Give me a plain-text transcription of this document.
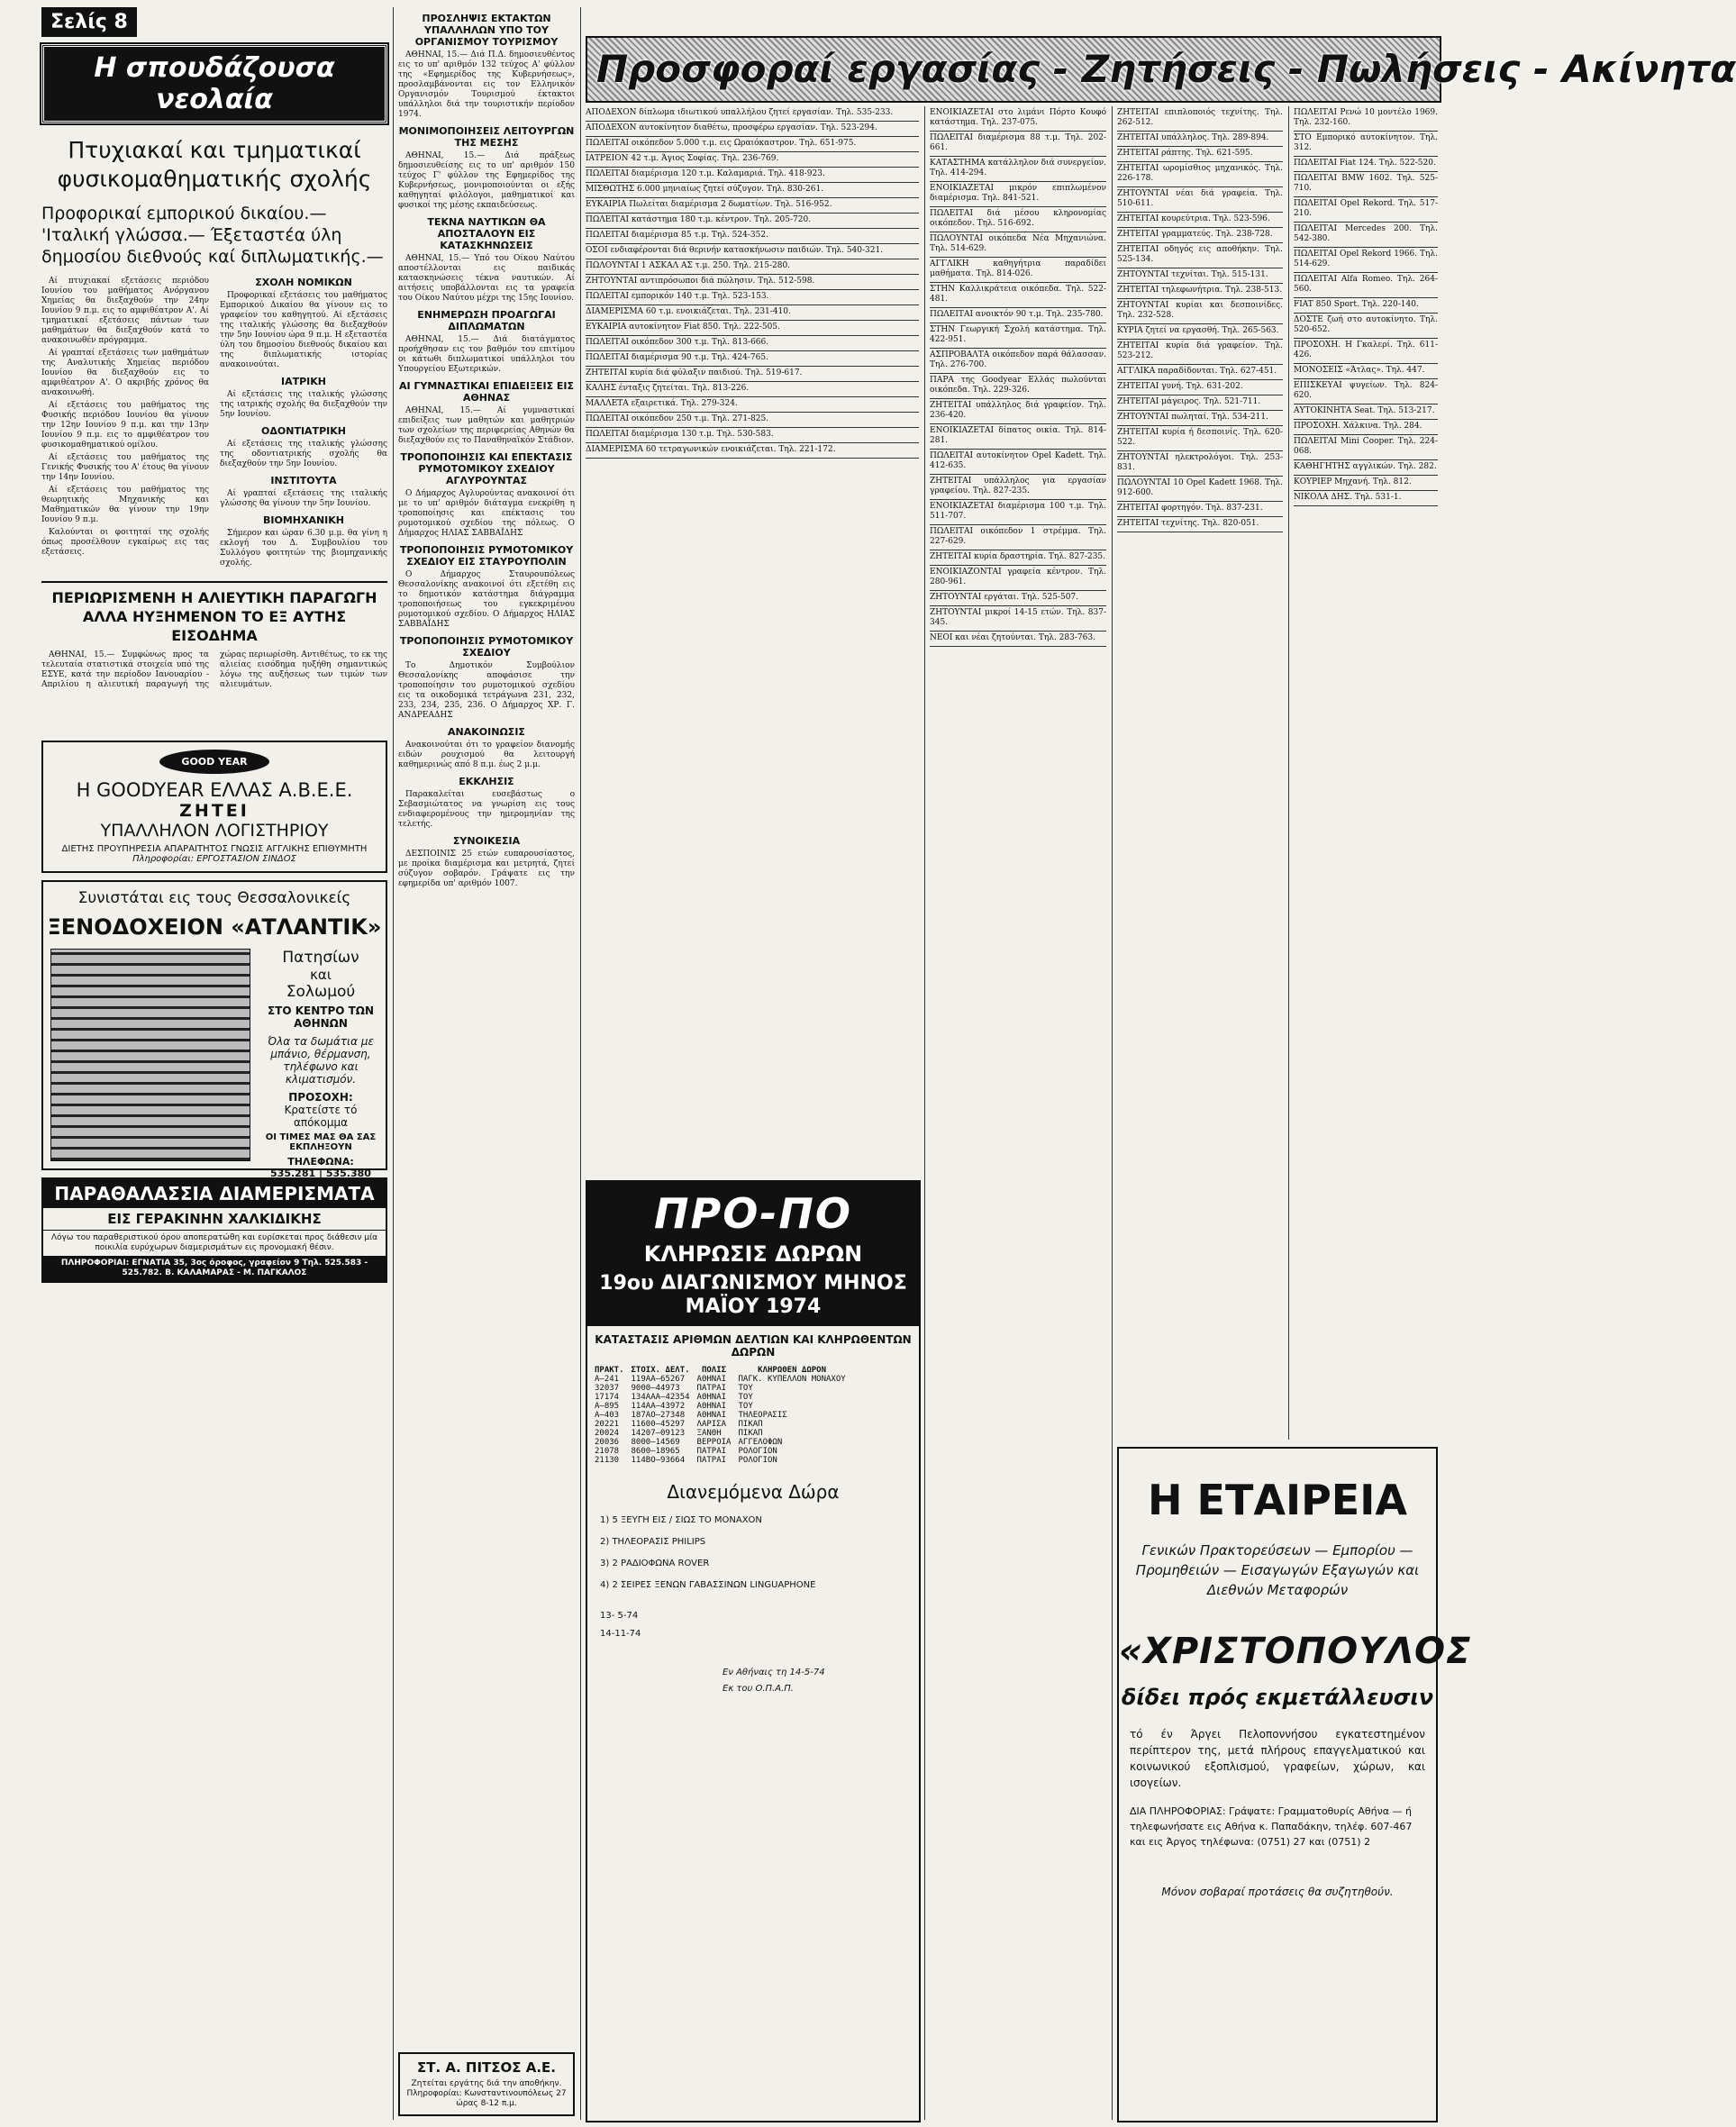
Σελίς 8
Η σπουδάζουσα νεολαία
Πτυχιακαί και τμηματικαί φυσικομαθηματικής σχολής
Προφορικαί εμπορικού δικαίου.— 'Ιταλική γλώσσα.— Έξεταστέα ύλη δημοσίου διεθνούς καί διπλωματικής.—

Αί πτυχιακαί εξετάσεις περιόδου Ιουνίου του μαθήματος Ανόργανου Χημείας θα διεξαχθούν την 24ην Ιουνίου 9 π.μ. εις το αμφιθέατρον Α'. Αί τμηματικαί εξετάσεις πάντων των μαθημάτων θα διεξαχθούν κατά το ανακοινωθέν πρόγραμμα.

Αί γραπταί εξετάσεις των μαθημάτων της Αναλυτικής Χημείας περιόδου Ιουνίου θα διεξαχθούν εις το αμφιθέατρον Α'. Ο ακριβής χρόνος θα ανακοινωθή.

Αί εξετάσεις του μαθήματος της Φυσικής περιόδου Ιουνίου θα γίνουν την 12ην Ιουνίου 9 π.μ. και την 13ην Ιουνίου 9 π.μ. εις το αμφιθέατρον του φυσικομαθηματικού ομίλου.

Αί εξετάσεις του μαθήματος της Γενικής Φυσικής του Α' έτους θα γίνουν την 14ην Ιουνίου.

Αί εξετάσεις του μαθήματος της θεωρητικής Μηχανικής και Μαθηματικών θα γίνουν την 19ην Ιουνίου 9 π.μ.

Καλούνται οι φοιτηταί της σχολής όπως προσέλθουν εγκαίρως εις τας εξετάσεις.

ΣΧΟΛΗ ΝΟΜΙΚΩΝ

Προφορικαί εξετάσεις του μαθήματος Εμπορικού Δικαίου θα γίνουν εις το γραφείον του καθηγητού. Αί εξετάσεις της ιταλικής γλώσσης θα διεξαχθούν την 5ην Ιουνίου ώρα 9 π.μ. Η εξεταστέα ύλη του δημοσίου διεθνούς δικαίου και της διπλωματικής ιστορίας ανακοινούται.

ΙΑΤΡΙΚΗ

Αί εξετάσεις της ιταλικής γλώσσης της ιατρικής σχολής θα διεξαχθούν την 5ην Ιουνίου.

ΟΔΟΝΤΙΑΤΡΙΚΗ

Αί εξετάσεις της ιταλικής γλώσσης της οδοντιατρικής σχολής θα διεξαχθούν την 5ην Ιουνίου.

ΙΝΣΤΙΤΟΥΤΑ

Αί γραπταί εξετάσεις της ιταλικής γλώσσης θα γίνουν την 5ην Ιουνίου.

ΒΙΟΜΗΧΑΝΙΚΗ

Σήμερον και ώραν 6.30 μ.μ. θα γίνη η εκλογή του Δ. Συμβουλίου του Συλλόγου φοιτητών της βιομηχανικής σχολής.

ΠΕΡΙΩΡΙΣΜΕΝΗ Η ΑΛΙΕΥΤΙΚΗ ΠΑΡΑΓΩΓΗ ΑΛΛΑ ΗΥΞΗΜΕΝΟΝ ΤΟ ΕΞ ΑΥΤΗΣ ΕΙΣΟΔΗΜΑ

ΑΘΗΝΑΙ, 15.— Συμφώνως προς τα τελευταία στατιστικά στοιχεία υπό της ΕΣΥΕ, κατά την περίοδον Ιανουαρίου - Απριλίου η αλιευτική παραγωγή της χώρας περιωρίσθη. Αντιθέτως, το εκ της αλιείας εισόδημα ηυξήθη σημαντικώς λόγω της αυξήσεως των τιμών των αλιευμάτων.

GOOD YEAR
Η GOODYEAR ΕΛΛΑΣ Α.Β.Ε.Ε.
ΖΗΤΕΙ
ΥΠΑΛΛΗΛΟΝ ΛΟΓΙΣΤΗΡΙΟΥ
ΔΙΕΤΗΣ ΠΡΟΥΠΗΡΕΣΙΑ ΑΠΑΡΑΙΤΗΤΟΣ ΓΝΩΣΙΣ ΑΓΓΛΙΚΗΣ ΕΠΙΘΥΜΗΤΗ
Πληροφορίαι: ΕΡΓΟΣΤΑΣΙΟΝ ΣΙΝΔΟΣ
Συνιστάται εις τους Θεσσαλονικείς
ΞΕΝΟΔΟΧΕΙΟΝ «ΑΤΛΑΝΤΙΚ»
Πατησίων
και
Σολωμού
ΣΤΟ ΚΕΝΤΡΟ ΤΩΝ ΑΘΗΝΩΝ
Όλα τα δωμάτια με μπάνιο, θέρμανση, τηλέφωνο και κλιματισμόν.
ΠΡΟΣΟΧΗ:
Κρατείστε τό απόκομμα
ΟΙ ΤΙΜΕΣ ΜΑΣ ΘΑ ΣΑΣ ΕΚΠΛΗΞΟΥΝ
ΤΗΛΕΦΩΝΑ:
535.281 | 535.380
ΠΑΡΑΘΑΛΑΣΣΙΑ ΔΙΑΜΕΡΙΣΜΑΤΑ
ΕΙΣ ΓΕΡΑΚΙΝΗΝ ΧΑΛΚΙΔΙΚΗΣ
Λόγω του παραθεριστικού όρου αποπερατώθη και ευρίσκεται προς διάθεσιν μία ποικιλία ευρύχωρων διαμερισμάτων εις προνομιακή θέσιν.
ΠΛΗΡΟΦΟΡΙΑΙ: ΕΓΝΑΤΙΑ 35, 3ος όροφος, γραφείον 9 Τηλ. 525.583 - 525.782. Β. ΚΑΛΑΜΑΡΑΣ - Μ. ΠΑΓΚΑΛΟΣ
ΠΡΟΣΛΗΨΙΣ ΕΚΤΑΚΤΩΝ ΥΠΑΛΛΗΛΩΝ ΥΠΟ ΤΟΥ ΟΡΓΑΝΙΣΜΟΥ ΤΟΥΡΙΣΜΟΥ

ΑΘΗΝΑΙ, 15.— Διά Π.Δ. δημοσιευθέντος εις το υπ' αριθμόν 132 τεύχος Α' φύλλον της «Εφημερίδος της Κυβερνήσεως», προσλαμβάνονται εις τον Ελληνικόν Οργανισμόν Τουρισμού έκτακτοι υπάλληλοι διά την τουριστικήν περίοδον 1974.

ΜΟΝΙΜΟΠΟΙΗΣΕΙΣ ΛΕΙΤΟΥΡΓΩΝ ΤΗΣ ΜΕΣΗΣ

ΑΘΗΝΑΙ, 15.— Διά πράξεως δημοσιευθείσης εις το υπ' αριθμόν 150 τεύχος Γ' φύλλον της Εφημερίδος της Κυβερνήσεως, μονιμοποιούνται οι εξής καθηγηταί φιλόλογοι, μαθηματικοί και φυσικοί της μέσης εκπαιδεύσεως.

ΤΕΚΝΑ ΝΑΥΤΙΚΩΝ ΘΑ ΑΠΟΣΤΑΛΟΥΝ ΕΙΣ ΚΑΤΑΣΚΗΝΩΣΕΙΣ

ΑΘΗΝΑΙ, 15.— Υπό του Οίκου Ναύτου αποστέλλονται εις παιδικάς κατασκηνώσεις τέκνα ναυτικών. Αί αιτήσεις υποβάλλονται εις τα γραφεία του Οίκου Ναύτου μέχρι της 15ης Ιουνίου.

ΕΝΗΜΕΡΩΣΗ ΠΡΟΑΓΩΓΑΙ ΔΙΠΛΩΜΑΤΩΝ

ΑΘΗΝΑΙ, 15.— Διά διατάγματος προήχθησαν εις τον βαθμόν του επιτίμου οι κάτωθι διπλωματικοί υπάλληλοι του Υπουργείου Εξωτερικών.

ΑΙ ΓΥΜΝΑΣΤΙΚΑΙ ΕΠΙΔΕΙΞΕΙΣ ΕΙΣ ΑΘΗΝΑΣ

ΑΘΗΝΑΙ, 15.— Αί γυμναστικαί επιδείξεις των μαθητών και μαθητριών των σχολείων της περιφερείας Αθηνών θα διεξαχθούν εις το Παναθηναϊκόν Στάδιον.

ΤΡΟΠΟΠΟΙΗΣΙΣ ΚΑΙ ΕΠΕΚΤΑΣΙΣ ΡΥΜΟΤΟΜΙΚΟΥ ΣΧΕΔΙΟΥ ΑΓΛΥΡΟΥΝΤΑΣ

Ο Δήμαρχος Αγλυρούντας ανακοινοί ότι με το υπ' αριθμόν διάταγμα ενεκρίθη η τροποποίησις και επέκτασις του ρυμοτομικού σχεδίου της πόλεως. Ο Δήμαρχος ΗΛΙΑΣ ΣΑΒΒΑΪΔΗΣ

ΤΡΟΠΟΠΟΙΗΣΙΣ ΡΥΜΟΤΟΜΙΚΟΥ ΣΧΕΔΙΟΥ ΕΙΣ ΣΤΑΥΡΟΥΠΟΛΙΝ

Ο Δήμαρχος Σταυρουπόλεως Θεσσαλονίκης ανακοινοί ότι εξετέθη εις το δημοτικόν κατάστημα διάγραμμα τροποποιήσεως του εγκεκριμένου ρυμοτομικού σχεδίου. Ο Δήμαρχος ΗΛΙΑΣ ΣΑΒΒΑΪΔΗΣ

ΤΡΟΠΟΠΟΙΗΣΙΣ ΡΥΜΟΤΟΜΙΚΟΥ ΣΧΕΔΙΟΥ

Το Δημοτικόν Συμβούλιον Θεσσαλονίκης αποφάσισε την τροποποίησιν του ρυμοτομικού σχεδίου εις τα οικοδομικά τετράγωνα 231, 232, 233, 234, 235, 236. Ο Δήμαρχος ΧΡ. Γ. ΑΝΔΡΕΑΔΗΣ

ΑΝΑΚΟΙΝΩΣΙΣ

Ανακοινούται ότι το γραφείον διανομής ειδών ρουχισμού θα λειτουργή καθημερινώς από 8 π.μ. έως 2 μ.μ.

ΕΚΚΛΗΣΙΣ

Παρακαλείται ευσεβάστως ο Σεβασμιώτατος να γνωρίση εις τους ενδιαφερομένους την ημερομηνίαν της τελετής.

ΣΥΝΟΙΚΕΣΙΑ

ΔΕΣΠΟΙΝΙΣ 25 ετών ευπαρουσίαστος, με προίκα διαμέρισμα και μετρητά, ζητεί σύζυγον σοβαρόν. Γράψατε εις την εφημερίδα υπ' αριθμόν 1007.

ΣΤ. Α. ΠΙΤΣΟΣ Α.Ε.
Ζητείται εργάτης διά την αποθήκην. Πληροφορίαι: Κωνσταντινουπόλεως 27 ώρας 8-12 π.μ.
Προσφοραί εργασίας - Ζητήσεις - Πωλήσεις - Ακίνητα
ΑΠΟΔΕΧΟΝ δίπλωμα ιδιωτικού υπαλλήλου ζητεί εργασίαν. Τηλ. 535-233.
ΑΠΟΔΕΧΟΝ αυτοκίνητον διαθέτω, προσφέρω εργασίαν. Τηλ. 523-294.
ΠΩΛΕΙΤΑΙ οικόπεδον 5.000 τ.μ. εις Ωραιόκαστρον. Τηλ. 651-975.
ΙΑΤΡΕΙΟΝ 42 τ.μ. Άγιος Σοφίας. Τηλ. 236-769.
ΠΩΛΕΙΤΑΙ διαμέρισμα 120 τ.μ. Καλαμαριά. Τηλ. 418-923.
ΜΙΣΘΩΤΗΣ 6.000 μηνιαίως ζητεί σύζυγον. Τηλ. 830-261.
ΕΥΚΑΙΡΙΑ Πωλείται διαμέρισμα 2 δωματίων. Τηλ. 516-952.
ΠΩΛΕΙΤΑΙ κατάστημα 180 τ.μ. κέντρον. Τηλ. 205-720.
ΠΩΛΕΙΤΑΙ διαμέρισμα 85 τ.μ. Τηλ. 524-352.
ΟΣΟΙ ενδιαφέρονται διά θερινήν κατασκήνωσιν παιδιών. Τηλ. 540-321.
ΠΩΛΟΥΝΤΑΙ 1 ΑΣΚΑΛ ΑΣ τ.μ. 250. Τηλ. 215-280.
ΖΗΤΟΥΝΤΑΙ αντιπρόσωποι διά πώλησιν. Τηλ. 512-598.
ΠΩΛΕΙΤΑΙ εμπορικόν 140 τ.μ. Τηλ. 523-153.
ΔΙΑΜΕΡΙΣΜΑ 60 τ.μ. ενοικιάζεται. Τηλ. 231-410.
ΕΥΚΑΙΡΙΑ αυτοκίνητον Fiat 850. Τηλ. 222-505.
ΠΩΛΕΙΤΑΙ οικόπεδον 300 τ.μ. Τηλ. 813-666.
ΠΩΛΕΙΤΑΙ διαμέρισμα 90 τ.μ. Τηλ. 424-765.
ΖΗΤΕΙΤΑΙ κυρία διά φύλαξιν παιδιού. Τηλ. 519-617.
ΚΑΛΗΣ ένταξις ζητείται. Τηλ. 813-226.
ΜΑΛΛΕΤΑ εξαιρετικά. Τηλ. 279-324.
ΠΩΛΕΙΤΑΙ οικόπεδον 250 τ.μ. Τηλ. 271-825.
ΠΩΛΕΙΤΑΙ διαμέρισμα 130 τ.μ. Τηλ. 530-583.
ΔΙΑΜΕΡΙΣΜΑ 60 τετραγωνικών ενοικιάζεται. Τηλ. 221-172.
ΠΡΟ-ΠΟ
ΚΛΗΡΩΣΙΣ ΔΩΡΩΝ
19ου ΔΙΑΓΩΝΙΣΜΟΥ ΜΗΝΟΣ ΜΑΪΟΥ 1974
ΚΑΤΑΣΤΑΣΙΣ ΑΡΙΘΜΩΝ ΔΕΛΤΙΩΝ ΚΑΙ ΚΛΗΡΩΘΕΝΤΩΝ ΔΩΡΩΝ
ΠΡΑΚΤ.	ΣΤΟΙΧ. ΔΕΛΤ.	ΠΟΛΙΣ	ΚΛΗΡΩΘΕΝ ΔΩΡΟΝ
A—241	119AA—65267	ΑΘΗΝΑΙ	ΠΑΓΚ. ΚΥΠΕΛΛΟΝ ΜΟΝΑΧΟΥ
32037	9000—44973	ΠΑΤΡΑΙ	ΤΟΥ
17174	134AAA—42354	ΑΘΗΝΑΙ	ΤΟΥ
A—895	114AA—43972	ΑΘΗΝΑΙ	ΤΟΥ
A—403	187AO—27348	ΑΘΗΝΑΙ	ΤΗΛΕΟΡΑΣΙΣ
20221	11600—45297	ΛΑΡΙΣΑ	ΠΙΚΑΠ
20024	14207—09123	ΞΑΝΘΗ	ΠΙΚΑΠ
20036	8000—14569	ΒΕΡΡΟΙΑ	ΑΓΓΕΛΟΦΩΝ
21078	8600—18965	ΠΑΤΡΑΙ	ΡΟΛΟΓΙΟΝ
21130	114BO—93664	ΠΑΤΡΑΙ	ΡΟΛΟΓΙΟΝ
Διανεμόμενα Δώρα
1) 5 ΞΕΥΓΗ ΕΙΣ / ΣΙΩΣ ΤΟ ΜΟΝΑΧΟΝ
2) ΤΗΛΕΟΡΑΣΙΣ PHILIPS
3) 2 ΡΑΔΙΟΦΩΝΑ ROVER
4) 2 ΣΕΙΡΕΣ ΞΕΝΩΝ ΓΑΒΑΣΣΙΝΩΝ LINGUAPHONE
13- 5-74
14-11-74
Εν Αθήναις τη 14-5-74
Εκ του Ο.Π.Α.Π.
ΕΝΟΙΚΙΑΖΕΤΑΙ στο λιμάνι Πόρτο Κουφό κατάστημα. Τηλ. 237-075.
ΠΩΛΕΙΤΑΙ διαμέρισμα 88 τ.μ. Τηλ. 202-661.
ΚΑΤΑΣΤΗΜΑ κατάλληλον διά συνεργείον. Τηλ. 414-294.
ΕΝΟΙΚΙΑΖΕΤΑΙ μικρόν επιπλωμένον διαμέρισμα. Τηλ. 841-521.
ΠΩΛΕΙΤΑΙ διά μέσου κληρονομίας οικόπεδον. Τηλ. 516-692.
ΠΩΛΟΥΝΤΑΙ οικόπεδα Νέα Μηχανιώνα. Τηλ. 514-629.
ΑΓΓΛΙΚΗ καθηγήτρια παραδίδει μαθήματα. Τηλ. 814-026.
ΣΤΗΝ Καλλικράτεια οικόπεδα. Τηλ. 522-481.
ΠΩΛΕΙΤΑΙ ανοικτόν 90 τ.μ. Τηλ. 235-780.
ΣΤΗΝ Γεωργική Σχολή κατάστημα. Τηλ. 422-951.
ΑΣΠΡΟΒΑΛΤΑ οικόπεδον παρά θάλασσαν. Τηλ. 276-700.
ΠΑΡΑ της Goodyear Ελλάς πωλούνται οικόπεδα. Τηλ. 229-326.
ΖΗΤΕΙΤΑΙ υπάλληλος διά γραφείον. Τηλ. 236-420.
ΕΝΟΙΚΙΑΖΕΤΑΙ δίπατος οικία. Τηλ. 814-281.
ΠΩΛΕΙΤΑΙ αυτοκίνητον Opel Kadett. Τηλ. 412-635.
ΖΗΤΕΙΤΑΙ υπάλληλος για εργασίαν γραφείου. Τηλ. 827-235.
ΕΝΟΙΚΙΑΖΕΤΑΙ διαμέρισμα 100 τ.μ. Τηλ. 511-707.
ΠΩΛΕΙΤΑΙ οικόπεδον 1 στρέμμα. Τηλ. 227-629.
ΖΗΤΕΙΤΑΙ κυρία δραστηρία. Τηλ. 827-235.
ΕΝΟΙΚΙΑΖΟΝΤΑΙ γραφεία κέντρον. Τηλ. 280-961.
ΖΗΤΟΥΝΤΑΙ εργάται. Τηλ. 525-507.
ΖΗΤΟΥΝΤΑΙ μικροί 14-15 ετών. Τηλ. 837-345.
ΝΕΟΙ και νέαι ζητούνται. Τηλ. 283-763.
ΖΗΤΕΙΤΑΙ επιπλοποιός τεχνίτης. Τηλ. 262-512.
ΖΗΤΕΙΤΑΙ υπάλληλος. Τηλ. 289-894.
ΖΗΤΕΙΤΑΙ ράπτης. Τηλ. 621-595.
ΖΗΤΕΙΤΑΙ ωρομίσθιος μηχανικός. Τηλ. 226-178.
ΖΗΤΟΥΝΤΑΙ νέαι διά γραφεία. Τηλ. 510-611.
ΖΗΤΕΙΤΑΙ κουρεύτρια. Τηλ. 523-596.
ΖΗΤΕΙΤΑΙ γραμματεύς. Τηλ. 238-728.
ΖΗΤΕΙΤΑΙ οδηγός εις αποθήκην. Τηλ. 525-134.
ΖΗΤΟΥΝΤΑΙ τεχνίται. Τηλ. 515-131.
ΖΗΤΕΙΤΑΙ τηλεφωνήτρια. Τηλ. 238-513.
ΖΗΤΟΥΝΤΑΙ κυρίαι και δεσποινίδες. Τηλ. 232-528.
ΚΥΡΙΑ ζητεί να εργασθή. Τηλ. 265-563.
ΖΗΤΕΙΤΑΙ κυρία διά γραφείον. Τηλ. 523-212.
ΑΓΓΛΙΚΑ παραδίδονται. Τηλ. 627-451.
ΖΗΤΕΙΤΑΙ γυνή. Τηλ. 631-202.
ΖΗΤΕΙΤΑΙ μάγειρος. Τηλ. 521-711.
ΖΗΤΟΥΝΤΑΙ πωληταί. Τηλ. 534-211.
ΖΗΤΕΙΤΑΙ κυρία ή δεσποινίς. Τηλ. 620-522.
ΖΗΤΟΥΝΤΑΙ ηλεκτρολόγοι. Τηλ. 253-831.
ΠΩΛΟΥΝΤΑΙ 10 Opel Kadett 1968. Τηλ. 912-600.
ΖΗΤΕΙΤΑΙ φορτηγόν. Τηλ. 837-231.
ΖΗΤΕΙΤΑΙ τεχνίτης. Τηλ. 820-051.
ΠΩΛΕΙΤΑΙ Ρενώ 10 μοντέλο 1969. Τηλ. 232-160.
ΣΤΟ Εμπορικό αυτοκίνητον. Τηλ. 312.
ΠΩΛΕΙΤΑΙ Fiat 124. Τηλ. 522-520.
ΠΩΛΕΙΤΑΙ BMW 1602. Τηλ. 525-710.
ΠΩΛΕΙΤΑΙ Opel Rekord. Τηλ. 517-210.
ΠΩΛΕΙΤΑΙ Mercedes 200. Τηλ. 542-380.
ΠΩΛΕΙΤΑΙ Opel Rekord 1966. Τηλ. 514-629.
ΠΩΛΕΙΤΑΙ Alfa Romeo. Τηλ. 264-560.
FIAT 850 Sport. Τηλ. 220-140.
ΔΟΣΤΕ ζωή στο αυτοκίνητο. Τηλ. 520-652.
ΠΡΟΣΟΧΗ. Η Γκαλερί. Τηλ. 611-426.
ΜΟΝΟΣΕΙΣ «Άτλας». Τηλ. 447.
ΕΠΙΣΚΕΥΑΙ ψυγείων. Τηλ. 824-620.
ΑΥΤΟΚΙΝΗΤΑ Seat. Τηλ. 513-217.
ΠΡΟΣΟΧΗ. Χάλκινα. Τηλ. 284.
ΠΩΛΕΙΤΑΙ Mini Cooper. Τηλ. 224-068.
ΚΑΘΗΓΗΤΗΣ αγγλικών. Τηλ. 282.
ΚΟΥΡΙΕΡ Μηχανή. Τηλ. 812.
ΝΙΚΟΛΑ ΔΗΣ. Τηλ. 531-1.
Η ΕΤΑΙΡΕΙΑ
Γενικών Πρακτορεύσεων — Εμπορίου — Προμηθειών — Εισαγωγών Εξαγωγών και Διεθνών Μεταφορών
«ΧΡΙΣΤΟΠΟΥΛΟΣ
δίδει πρός εκμετάλλευσιν
τό έν Άργει Πελοποννήσου εγκατεστημένον περίπτερον της, μετά πλήρους επαγγελματικού και κοινωνικού εξοπλισμού, γραφείων, χώρων, και ισογείων.
ΔΙΑ ΠΛΗΡΟΦΟΡΙΑΣ: Γράψατε: Γραμματοθυρίς Αθήνα — ή τηλεφωνήσατε εις Αθήνα κ. Παπαδάκην, τηλέφ. 607-467 και εις Άργος τηλέφωνα: (0751) 27 και (0751) 2
Μόνον σοβαραί προτάσεις θα συζητηθούν.
